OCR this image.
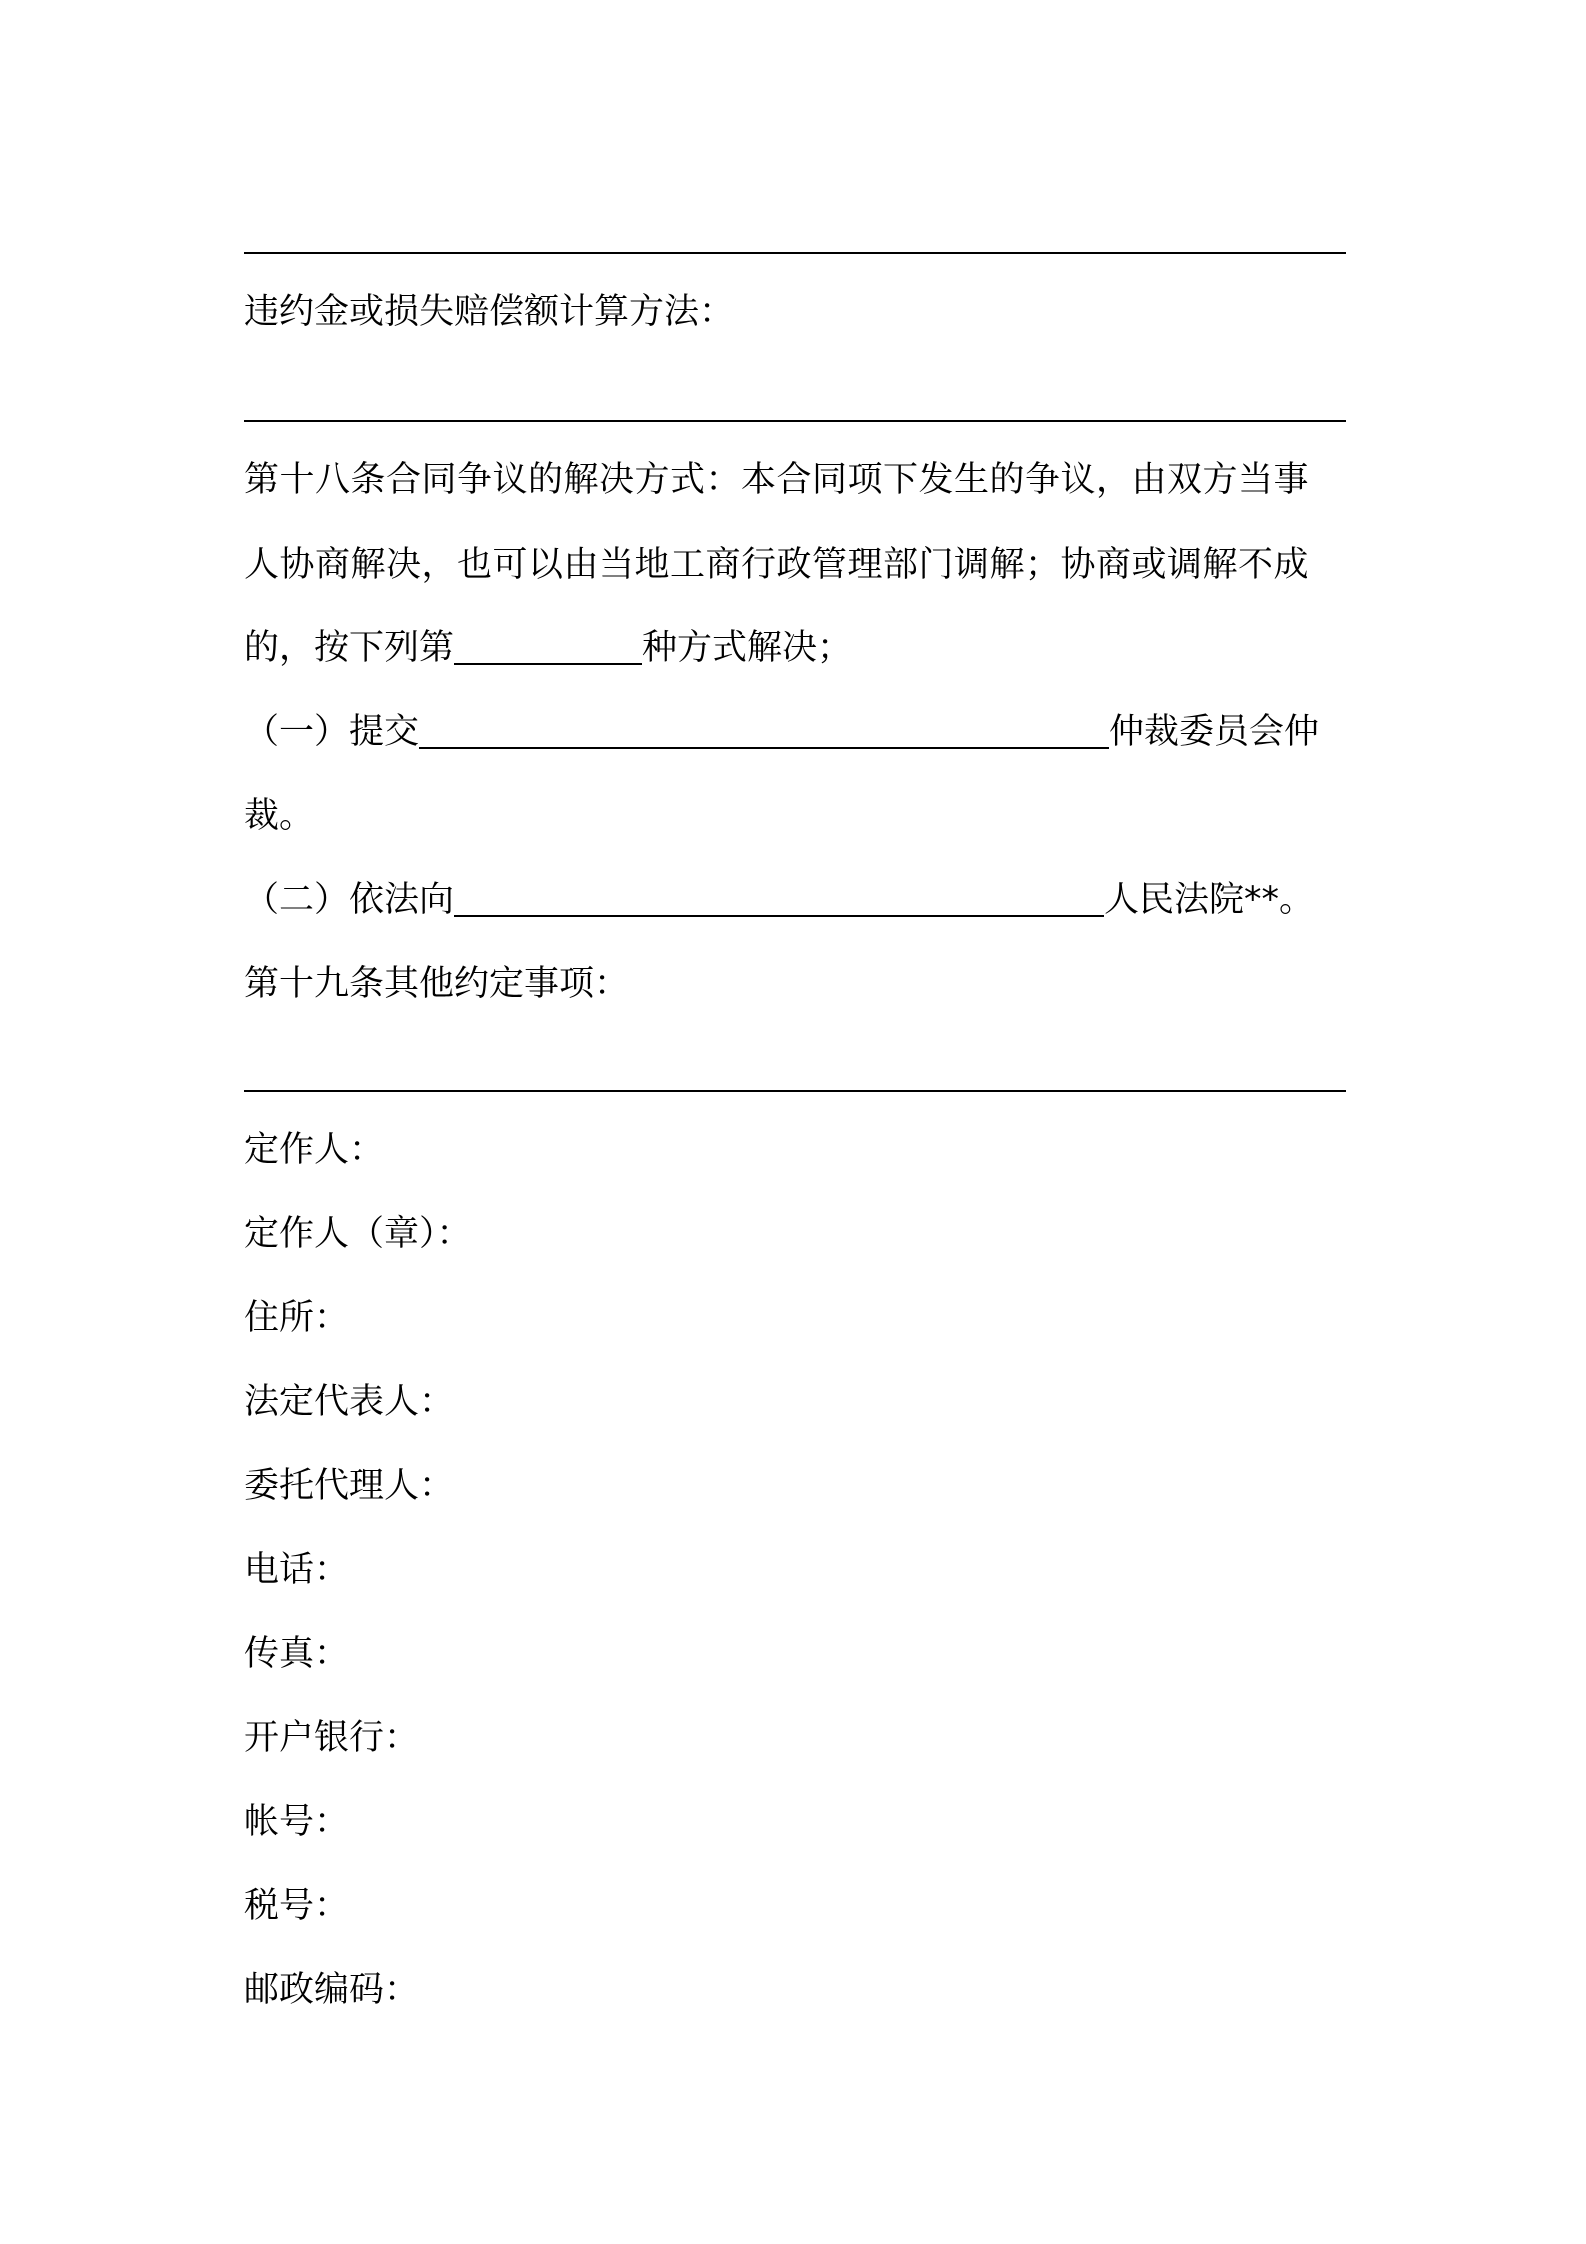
违约金或损失赔偿额计算方法：
第十八条合同争议的解决方式：本合同项下发生的争议，由双方当事
人协商解决，也可以由当地工商行政管理部门调解；协商或调解不成
的，按下列第	种方式解决；
（一）提交	仲裁委员会仲
裁。
（二）依法向	人民法院**。
第十九条其他约定事项：
定作人：
定作人（章）：
住所：
法定代表人：
委托代理人：
电话：
传真：
开户银行：
帐号：
税号：
邮政编码：
